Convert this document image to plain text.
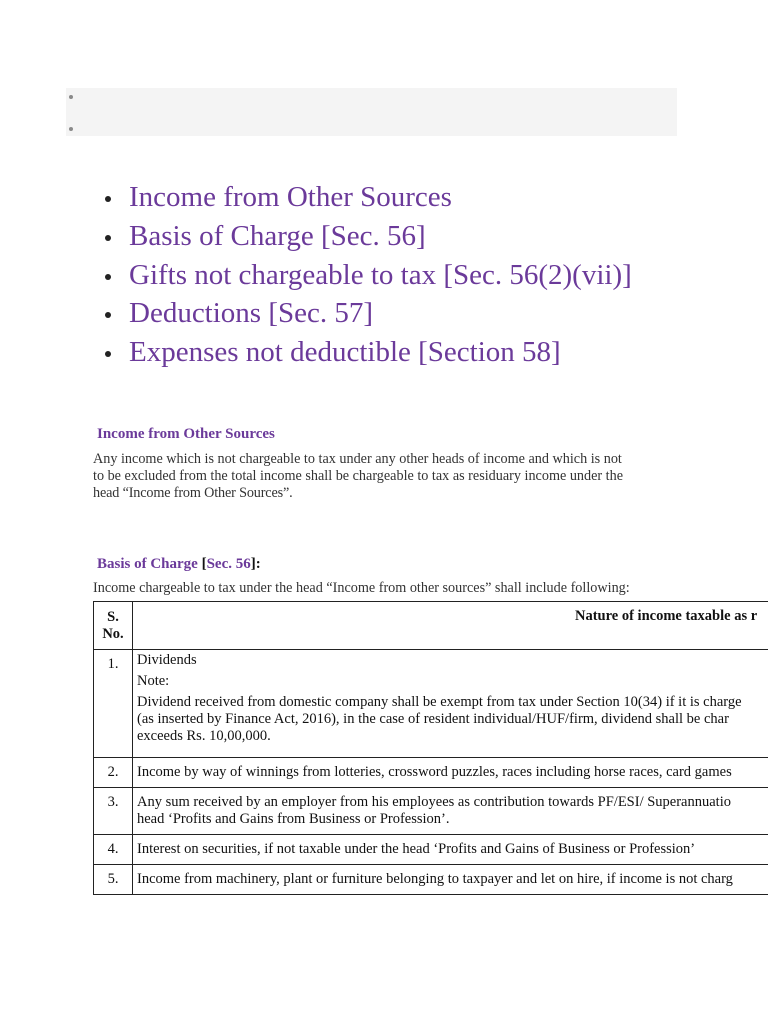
Income from Other Sources
Basis of Charge [Sec. 56]
Gifts not chargeable to tax [Sec. 56(2)(vii)]
Deductions [Sec. 57]
Expenses not deductible [Section 58]
Income from Other Sources
Any income which is not chargeable to tax under any other heads of income and which is not
to be excluded from the total income shall be chargeable to tax as residuary income under the
head “Income from Other Sources”.
Basis of Charge [Sec. 56]:
Income chargeable to tax under the head “Income from other sources” shall include following:
S.
No.	Nature of income taxable as r

1.	Dividends
Note:
Dividend received from domestic company shall be exempt from tax under Section 10(34) if it is charge
(as inserted by Finance Act, 2016), in the case of resident individual/HUF/firm, dividend shall be char
exceeds Rs. 10,00,000.

2.	Income by way of winnings from lotteries, crossword puzzles, races including horse races, card games

3.	Any sum received by an employer from his employees as contribution towards PF/ESI/ Superannuatio
head ‘Profits and Gains from Business or Profession’.

4.	Interest on securities, if not taxable under the head ‘Profits and Gains of Business or Profession’

5.	Income from machinery, plant or furniture belonging to taxpayer and let on hire, if income is not charg
